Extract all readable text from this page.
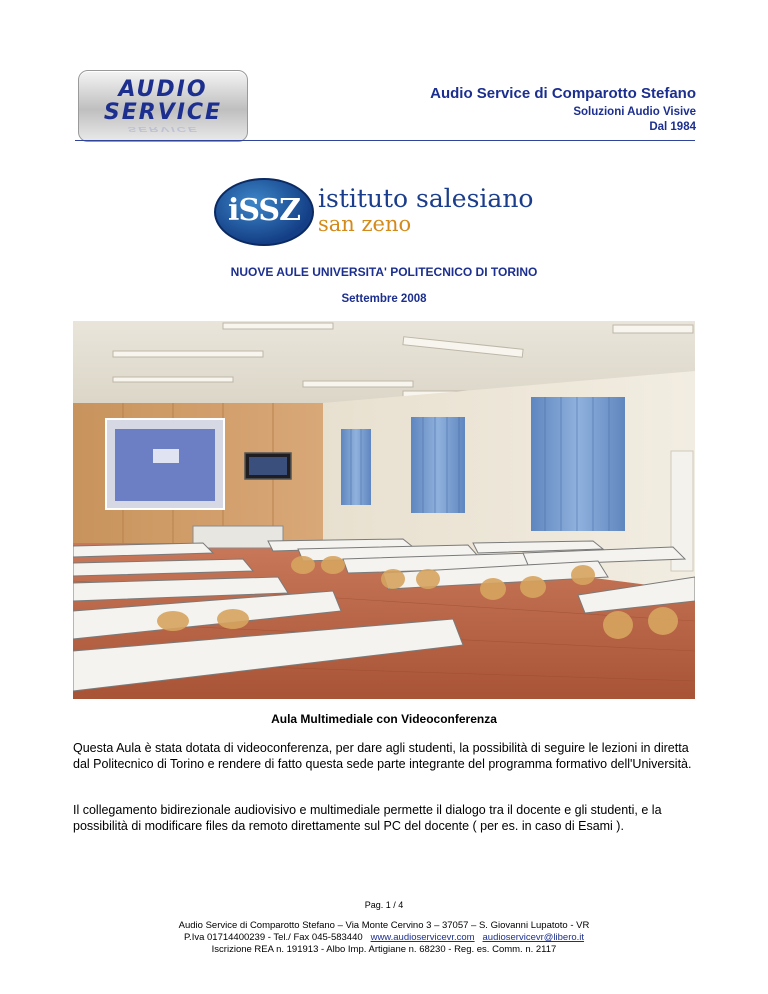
AUDIO
SERVICE
SERVICE
Audio Service di Comparotto Stefano
Soluzioni Audio Visive
Dal 1984
iSSZ istituto salesiano
san zeno
NUOVE AULE UNIVERSITA' POLITECNICO DI TORINO
Settembre 2008
Aula Multimediale con Videoconferenza
Questa Aula è stata dotata di videoconferenza, per dare agli studenti, la possibilità di seguire le lezioni in diretta dal Politecnico di Torino e rendere di fatto questa sede parte integrante del programma formativo dell'Università.
Il collegamento bidirezionale audiovisivo e multimediale permette il dialogo tra il docente e gli studenti, e la possibilità di modificare files da remoto direttamente sul PC del docente ( per es. in caso di Esami ).
Pag. 1 / 4
Audio Service di Comparotto Stefano – Via Monte Cervino 3 – 37057 – S. Giovanni Lupatoto - VR
P.Iva 01714400239 - Tel./ Fax 045-583440 www.audioservicevr.com audioservicevr@libero.it
Iscrizione REA n. 191913 - Albo Imp. Artigiane n. 68230 - Reg. es. Comm. n. 2117
